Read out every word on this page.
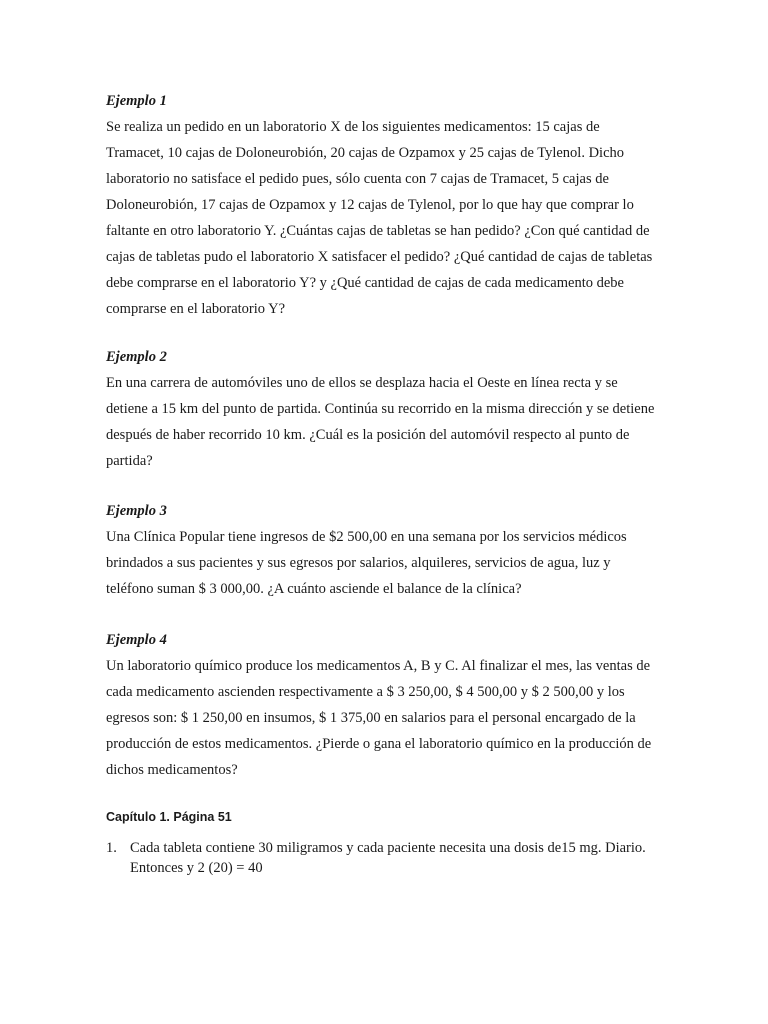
Ejemplo 1

Se realiza un pedido en un laboratorio X de los siguientes medicamentos: 15 cajas de Tramacet, 10 cajas de Doloneurobión, 20 cajas de Ozpamox y 25 cajas de Tylenol. Dicho laboratorio no satisface el pedido pues, sólo cuenta con 7 cajas de Tramacet, 5 cajas de Doloneurobión, 17 cajas de Ozpamox y 12 cajas de Tylenol, por lo que hay que comprar lo faltante en otro laboratorio Y. ¿Cuántas cajas de tabletas se han pedido? ¿Con qué cantidad de cajas de tabletas pudo el laboratorio X satisfacer el pedido? ¿Qué cantidad de cajas de tabletas debe comprarse en el laboratorio Y? y ¿Qué cantidad de cajas de cada medicamento debe comprarse en el laboratorio Y?

Ejemplo 2

En una carrera de automóviles uno de ellos se desplaza hacia el Oeste en línea recta y se detiene a 15 km del punto de partida. Continúa su recorrido en la misma dirección y se detiene después de haber recorrido 10 km. ¿Cuál es la posición del automóvil respecto al punto de partida?

Ejemplo 3

Una Clínica Popular tiene ingresos de $2 500,00 en una semana por los servicios médicos brindados a sus pacientes y sus egresos por salarios, alquileres, servicios de agua, luz y teléfono suman $ 3 000,00. ¿A cuánto asciende el balance de la clínica?

Ejemplo 4

Un laboratorio químico produce los medicamentos A, B y C. Al finalizar el mes, las ventas de cada medicamento ascienden respectivamente a $ 3 250,00, $ 4 500,00 y $ 2 500,00 y los egresos son: $ 1 250,00 en insumos, $ 1 375,00 en salarios para el personal encargado de la producción de estos medicamentos. ¿Pierde o gana el laboratorio químico en la producción de dichos medicamentos?

Capítulo 1. Página 51

1. Cada tableta contiene 30 miligramos y cada paciente necesita una dosis de15 mg. Diario. Entonces y 2 (20) = 40
